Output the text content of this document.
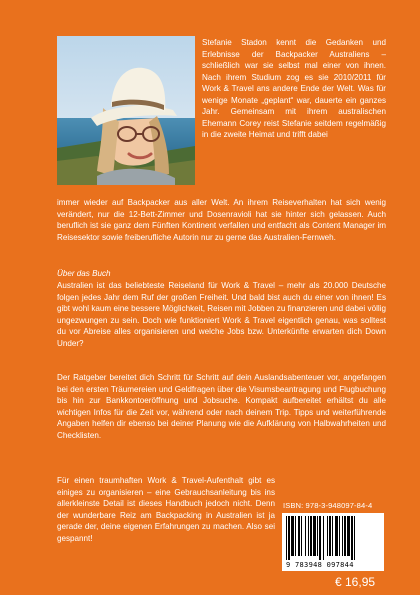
Stefanie Stadon kennt die Gedanken und Erlebnisse der Backpacker Australiens – schließlich war sie selbst mal einer von ihnen. Nach ihrem Studium zog es sie 2010/2011 für Work & Travel ans andere Ende der Welt. Was für wenige Monate „geplant“ war, dauerte ein ganzes Jahr. Gemeinsam mit ihrem australischen Ehemann Corey reist Stefanie seitdem regelmäßig in die zweite Heimat und trifft dabei
immer wieder auf Backpacker aus aller Welt. An ihrem Reiseverhalten hat sich wenig verändert, nur die 12-Bett-Zimmer und Dosenravioli hat sie hinter sich gelassen. Auch beruflich ist sie ganz dem Fünften Kontinent verfallen und entfacht als Content Manager im Reisesektor sowie freiberufliche Autorin nur zu gerne das Australien-Fernweh.
Über das Buch

Australien ist das beliebteste Reiseland für Work & Travel – mehr als 20.000 Deutsche folgen jedes Jahr dem Ruf der großen Freiheit. Und bald bist auch du einer von ihnen! Es gibt wohl kaum eine bessere Möglichkeit, Reisen mit Jobben zu finanzieren und dabei völlig ungezwungen zu sein. Doch wie funktioniert Work & Travel eigentlich genau, was solltest du vor Abreise alles organisieren und welche Jobs bzw. Unterkünfte erwarten dich Down Under?

Der Ratgeber bereitet dich Schritt für Schritt auf dein Auslandsabenteuer vor, angefangen bei den ersten Träumereien und Geldfragen über die Visumsbeantragung und Flugbuchung bis hin zur Bankkontoeröffnung und Jobsuche. Kompakt aufbereitet erhältst du alle wichtigen Infos für die Zeit vor, während oder nach deinem Trip. Tipps und weiterführende Angaben helfen dir ebenso bei deiner Planung wie die Aufklärung von Halbwahrheiten und Checklisten.

Für einen traumhaften Work & Travel-Aufenthalt gibt es einiges zu organisieren – eine Gebrauchsanleitung bis ins allerkleinste Detail ist dieses Handbuch jedoch nicht. Denn der wunderbare Reiz am Backpacking in Australien ist ja gerade der, deine eigenen Erfahrungen zu machen. Also sei gespannt!

ISBN: 978-3-948097-84-4
9 783948 097844
€ 16,95
